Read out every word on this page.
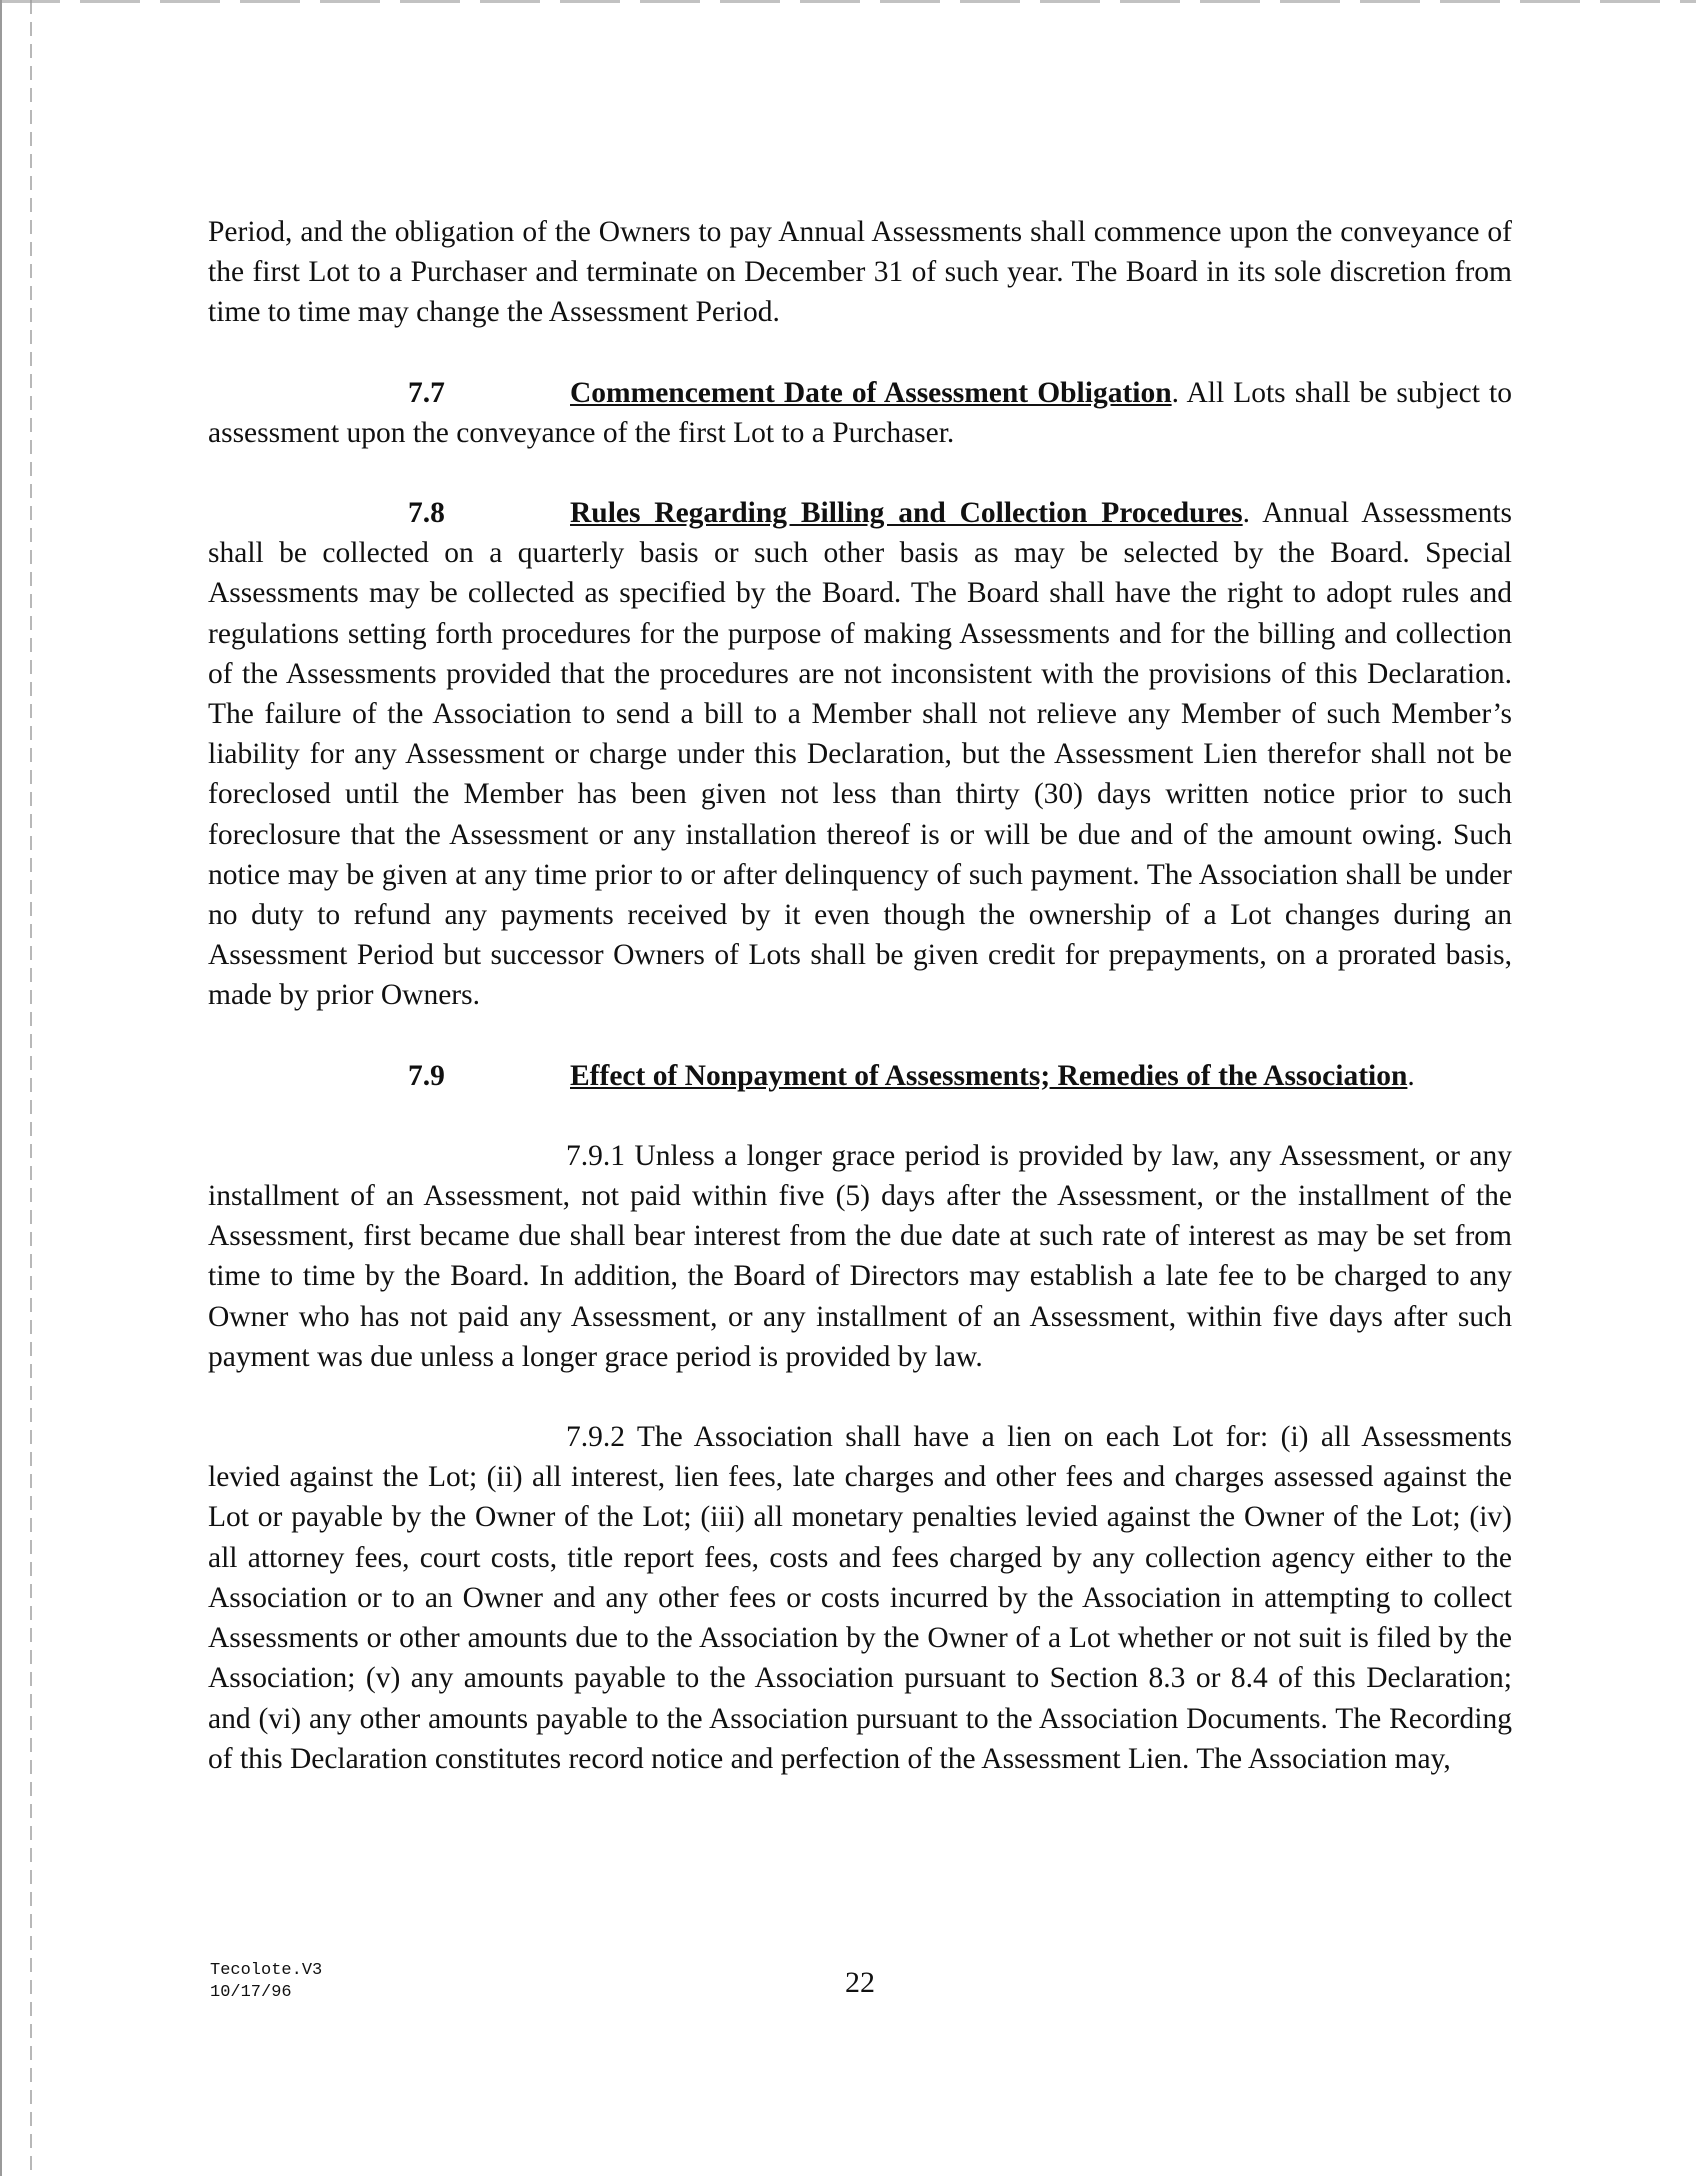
Period, and the obligation of the Owners to pay Annual Assessments shall commence upon the conveyance of the first Lot to a Purchaser and terminate on December 31 of such year. The Board in its sole discretion from time to time may change the Assessment Period.

7.7	Commencement Date of Assessment Obligation. All Lots shall be subject to assessment upon the conveyance of the first Lot to a Purchaser.

7.8	Rules Regarding Billing and Collection Procedures. Annual Assessments shall be collected on a quarterly basis or such other basis as may be selected by the Board. Special Assessments may be collected as specified by the Board. The Board shall have the right to adopt rules and regulations setting forth procedures for the purpose of making Assessments and for the billing and collection of the Assessments provided that the procedures are not inconsistent with the provisions of this Declaration. The failure of the Association to send a bill to a Member shall not relieve any Member of such Member’s liability for any Assessment or charge under this Declaration, but the Assessment Lien therefor shall not be foreclosed until the Member has been given not less than thirty (30) days written notice prior to such foreclosure that the Assessment or any installation thereof is or will be due and of the amount owing. Such notice may be given at any time prior to or after delinquency of such payment. The Association shall be under no duty to refund any payments received by it even though the ownership of a Lot changes during an Assessment Period but successor Owners of Lots shall be given credit for prepayments, on a prorated basis, made by prior Owners.

7.9	Effect of Nonpayment of Assessments; Remedies of the Association.

7.9.1 Unless a longer grace period is provided by law, any Assessment, or any installment of an Assessment, not paid within five (5) days after the Assessment, or the installment of the Assessment, first became due shall bear interest from the due date at such rate of interest as may be set from time to time by the Board. In addition, the Board of Directors may establish a late fee to be charged to any Owner who has not paid any Assessment, or any installment of an Assessment, within five days after such payment was due unless a longer grace period is provided by law.

7.9.2 The Association shall have a lien on each Lot for: (i) all Assessments levied against the Lot; (ii) all interest, lien fees, late charges and other fees and charges assessed against the Lot or payable by the Owner of the Lot; (iii) all monetary penalties levied against the Owner of the Lot; (iv) all attorney fees, court costs, title report fees, costs and fees charged by any collection agency either to the Association or to an Owner and any other fees or costs incurred by the Association in attempting to collect Assessments or other amounts due to the Association by the Owner of a Lot whether or not suit is filed by the Association; (v) any amounts payable to the Association pursuant to Section 8.3 or 8.4 of this Declaration; and (vi) any other amounts payable to the Association pursuant to the Association Documents. The Recording of this Declaration constitutes record notice and perfection of the Assessment Lien. The Association may,

Tecolote.V3
10/17/96	22
